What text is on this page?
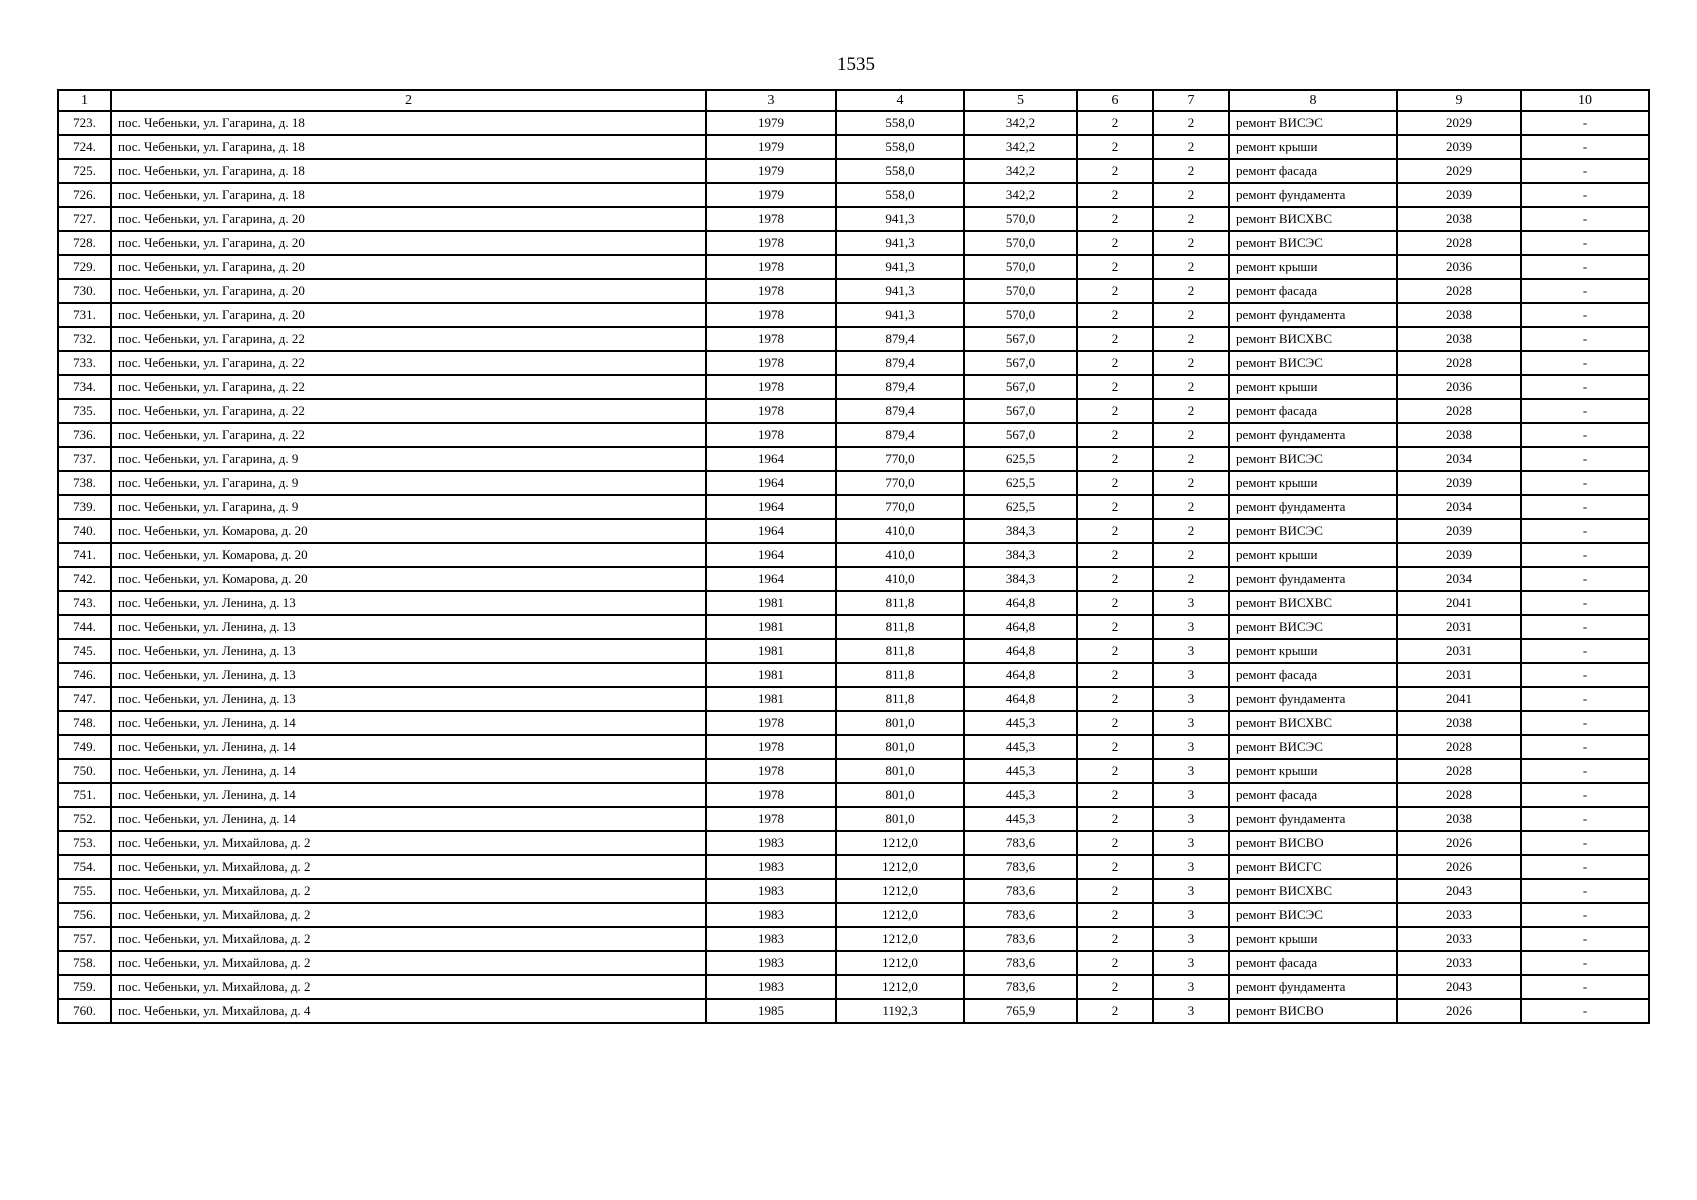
1535
1	2	3	4	5	6	7	8	9	10
723.	пос. Чебеньки, ул. Гагарина, д. 18	1979	558,0	342,2	2	2	ремонт ВИСЭС	2029	-
724.	пос. Чебеньки, ул. Гагарина, д. 18	1979	558,0	342,2	2	2	ремонт крыши	2039	-
725.	пос. Чебеньки, ул. Гагарина, д. 18	1979	558,0	342,2	2	2	ремонт фасада	2029	-
726.	пос. Чебеньки, ул. Гагарина, д. 18	1979	558,0	342,2	2	2	ремонт фундамента	2039	-
727.	пос. Чебеньки, ул. Гагарина, д. 20	1978	941,3	570,0	2	2	ремонт ВИСХВС	2038	-
728.	пос. Чебеньки, ул. Гагарина, д. 20	1978	941,3	570,0	2	2	ремонт ВИСЭС	2028	-
729.	пос. Чебеньки, ул. Гагарина, д. 20	1978	941,3	570,0	2	2	ремонт крыши	2036	-
730.	пос. Чебеньки, ул. Гагарина, д. 20	1978	941,3	570,0	2	2	ремонт фасада	2028	-
731.	пос. Чебеньки, ул. Гагарина, д. 20	1978	941,3	570,0	2	2	ремонт фундамента	2038	-
732.	пос. Чебеньки, ул. Гагарина, д. 22	1978	879,4	567,0	2	2	ремонт ВИСХВС	2038	-
733.	пос. Чебеньки, ул. Гагарина, д. 22	1978	879,4	567,0	2	2	ремонт ВИСЭС	2028	-
734.	пос. Чебеньки, ул. Гагарина, д. 22	1978	879,4	567,0	2	2	ремонт крыши	2036	-
735.	пос. Чебеньки, ул. Гагарина, д. 22	1978	879,4	567,0	2	2	ремонт фасада	2028	-
736.	пос. Чебеньки, ул. Гагарина, д. 22	1978	879,4	567,0	2	2	ремонт фундамента	2038	-
737.	пос. Чебеньки, ул. Гагарина, д. 9	1964	770,0	625,5	2	2	ремонт ВИСЭС	2034	-
738.	пос. Чебеньки, ул. Гагарина, д. 9	1964	770,0	625,5	2	2	ремонт крыши	2039	-
739.	пос. Чебеньки, ул. Гагарина, д. 9	1964	770,0	625,5	2	2	ремонт фундамента	2034	-
740.	пос. Чебеньки, ул. Комарова, д. 20	1964	410,0	384,3	2	2	ремонт ВИСЭС	2039	-
741.	пос. Чебеньки, ул. Комарова, д. 20	1964	410,0	384,3	2	2	ремонт крыши	2039	-
742.	пос. Чебеньки, ул. Комарова, д. 20	1964	410,0	384,3	2	2	ремонт фундамента	2034	-
743.	пос. Чебеньки, ул. Ленина, д. 13	1981	811,8	464,8	2	3	ремонт ВИСХВС	2041	-
744.	пос. Чебеньки, ул. Ленина, д. 13	1981	811,8	464,8	2	3	ремонт ВИСЭС	2031	-
745.	пос. Чебеньки, ул. Ленина, д. 13	1981	811,8	464,8	2	3	ремонт крыши	2031	-
746.	пос. Чебеньки, ул. Ленина, д. 13	1981	811,8	464,8	2	3	ремонт фасада	2031	-
747.	пос. Чебеньки, ул. Ленина, д. 13	1981	811,8	464,8	2	3	ремонт фундамента	2041	-
748.	пос. Чебеньки, ул. Ленина, д. 14	1978	801,0	445,3	2	3	ремонт ВИСХВС	2038	-
749.	пос. Чебеньки, ул. Ленина, д. 14	1978	801,0	445,3	2	3	ремонт ВИСЭС	2028	-
750.	пос. Чебеньки, ул. Ленина, д. 14	1978	801,0	445,3	2	3	ремонт крыши	2028	-
751.	пос. Чебеньки, ул. Ленина, д. 14	1978	801,0	445,3	2	3	ремонт фасада	2028	-
752.	пос. Чебеньки, ул. Ленина, д. 14	1978	801,0	445,3	2	3	ремонт фундамента	2038	-
753.	пос. Чебеньки, ул. Михайлова, д. 2	1983	1212,0	783,6	2	3	ремонт ВИСВО	2026	-
754.	пос. Чебеньки, ул. Михайлова, д. 2	1983	1212,0	783,6	2	3	ремонт ВИСГС	2026	-
755.	пос. Чебеньки, ул. Михайлова, д. 2	1983	1212,0	783,6	2	3	ремонт ВИСХВС	2043	-
756.	пос. Чебеньки, ул. Михайлова, д. 2	1983	1212,0	783,6	2	3	ремонт ВИСЭС	2033	-
757.	пос. Чебеньки, ул. Михайлова, д. 2	1983	1212,0	783,6	2	3	ремонт крыши	2033	-
758.	пос. Чебеньки, ул. Михайлова, д. 2	1983	1212,0	783,6	2	3	ремонт фасада	2033	-
759.	пос. Чебеньки, ул. Михайлова, д. 2	1983	1212,0	783,6	2	3	ремонт фундамента	2043	-
760.	пос. Чебеньки, ул. Михайлова, д. 4	1985	1192,3	765,9	2	3	ремонт ВИСВО	2026	-
